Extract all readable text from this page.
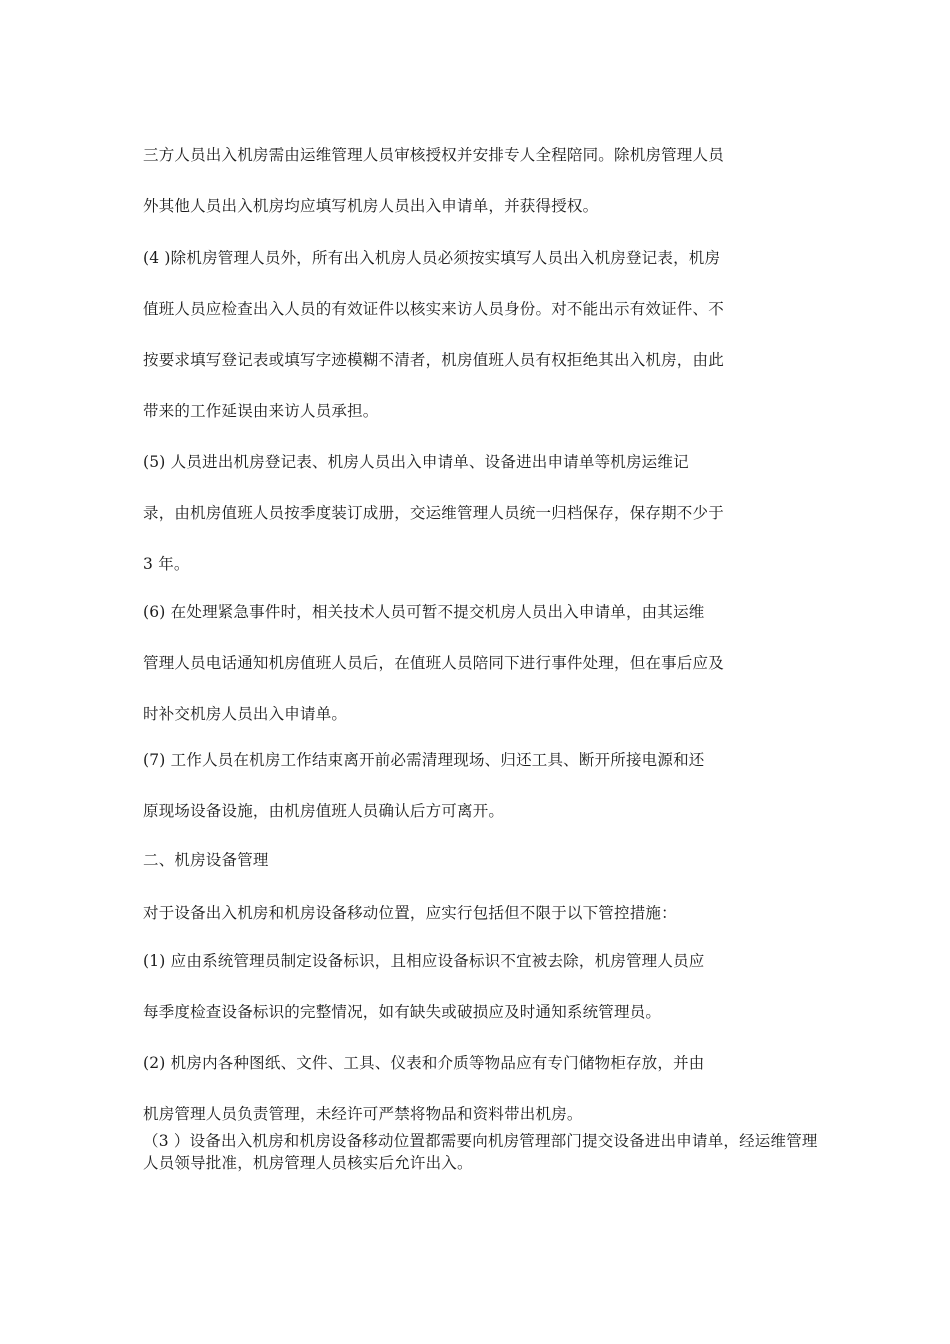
三方人员出入机房需由运维管理人员审核授权并安排专人全程陪同。除机房管理人员
外其他人员出入机房均应填写机房人员出入申请单，并获得授权。
(4 )除机房管理人员外，所有出入机房人员必须按实填写人员出入机房登记表，机房
值班人员应检查出入人员的有效证件以核实来访人员身份。对不能出示有效证件、不
按要求填写登记表或填写字迹模糊不清者，机房值班人员有权拒绝其出入机房，由此
带来的工作延误由来访人员承担。
(5) 人员进出机房登记表、机房人员出入申请单、设备进出申请单等机房运维记
录，由机房值班人员按季度装订成册，交运维管理人员统一归档保存，保存期不少于
3 年。
(6) 在处理紧急事件时，相关技术人员可暂不提交机房人员出入申请单，由其运维
管理人员电话通知机房值班人员后，在值班人员陪同下进行事件处理，但在事后应及
时补交机房人员出入申请单。
(7) 工作人员在机房工作结束离开前必需清理现场、归还工具、断开所接电源和还
原现场设备设施，由机房值班人员确认后方可离开。
二、机房设备管理
对于设备出入机房和机房设备移动位置，应实行包括但不限于以下管控措施：
(1) 应由系统管理员制定设备标识，且相应设备标识不宜被去除，机房管理人员应
每季度检查设备标识的完整情况，如有缺失或破损应及时通知系统管理员。
(2) 机房内各种图纸、文件、工具、仪表和介质等物品应有专门储物柜存放，并由
机房管理人员负责管理，未经许可严禁将物品和资料带出机房。
（3 ）设备出入机房和机房设备移动位置都需要向机房管理部门提交设备进出申请单，经运维管理人员领导批准，机房管理人员核实后允许出入。
